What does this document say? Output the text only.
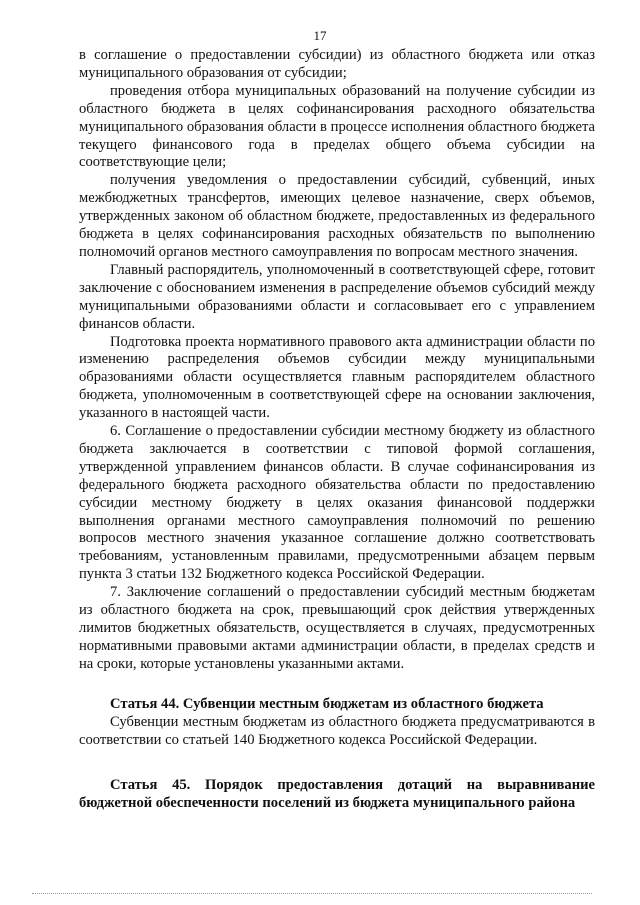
17

в соглашение о предоставлении субсидии) из областного бюджета или отказ муниципального образования от субсидии;

проведения отбора муниципальных образований на получение субсидии из областного бюджета в целях софинансирования расходного обязательства муниципального образования области в процессе исполнения областного бюджета текущего финансового года в пределах общего объема субсидии на соответствующие цели;

получения уведомления о предоставлении субсидий, субвенций, иных межбюджетных трансфертов, имеющих целевое назначение, сверх объемов, утвержденных законом об областном бюджете, предоставленных из федерального бюджета в целях софинансирования расходных обязательств по выполнению полномочий органов местного самоуправления по вопросам местного значения.

Главный распорядитель, уполномоченный в соответствующей сфере, готовит заключение с обоснованием изменения в распределение объемов субсидий между муниципальными образованиями области и согласовывает его с управлением финансов области.

Подготовка проекта нормативного правового акта администрации области по изменению распределения объемов субсидии между муниципальными образованиями области осуществляется главным распорядителем областного бюджета, уполномоченным в соответствующей сфере на основании заключения, указанного в настоящей части.

6. Соглашение о предоставлении субсидии местному бюджету из областного бюджета заключается в соответствии с типовой формой соглашения, утвержденной управлением финансов области. В случае софинансирования из федерального бюджета расходного обязательства области по предоставлению субсидии местному бюджету в целях оказания финансовой поддержки выполнения органами местного самоуправления полномочий по решению вопросов местного значения указанное соглашение должно соответствовать требованиям, установленным правилами, предусмотренными абзацем первым пункта 3 статьи 132 Бюджетного кодекса Российской Федерации.

7. Заключение соглашений о предоставлении субсидий местным бюджетам из областного бюджета на срок, превышающий срок действия утвержденных лимитов бюджетных обязательств, осуществляется в случаях, предусмотренных нормативными правовыми актами администрации области, в пределах средств и на сроки, которые установлены указанными актами.

Статья 44. Субвенции местным бюджетам из областного бюджета

Субвенции местным бюджетам из областного бюджета предусматриваются в соответствии со статьей 140 Бюджетного кодекса Российской Федерации.

Статья 45. Порядок предоставления дотаций на выравнивание бюджетной обеспеченности поселений из бюджета муниципального района
